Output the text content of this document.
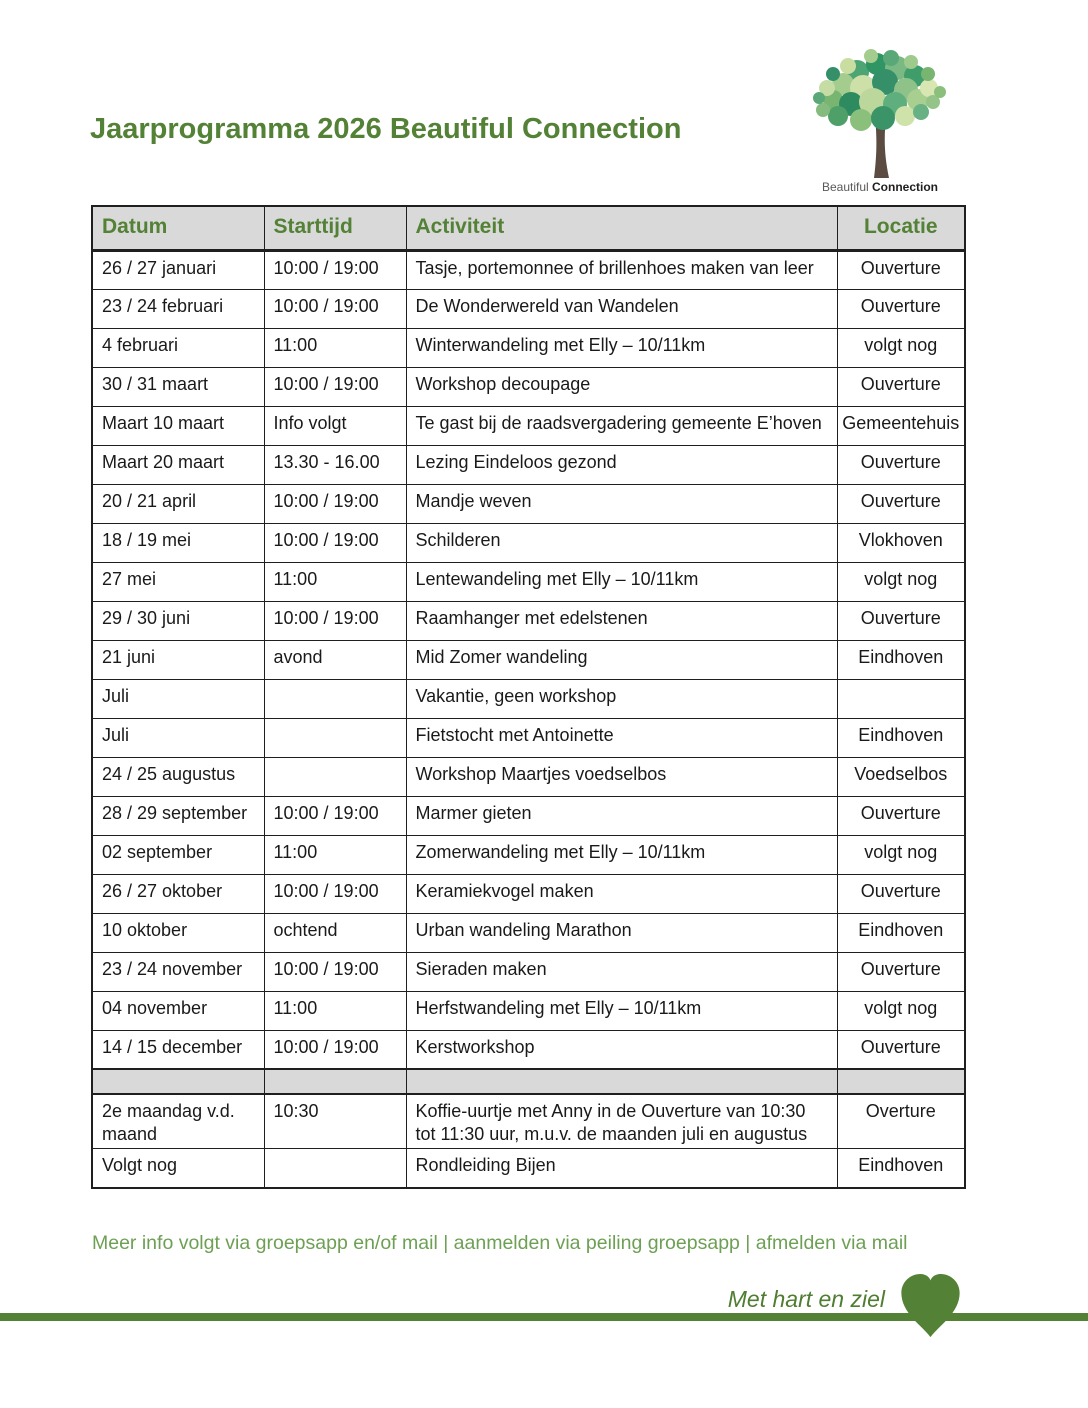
Jaarprogramma 2026 Beautiful Connection
Beautiful Connection
Datum	Starttijd	Activiteit	Locatie
26 / 27 januari	10:00 / 19:00	Tasje, portemonnee of brillenhoes maken van leer	Ouverture
23 / 24 februari	10:00 / 19:00	De Wonderwereld van Wandelen	Ouverture
4 februari	11:00	Winterwandeling met Elly – 10/11km	volgt nog
30 / 31 maart	10:00 / 19:00	Workshop decoupage	Ouverture
Maart 10 maart	Info volgt	Te gast bij de raadsvergadering gemeente E’hoven	Gemeentehuis
Maart 20 maart	13.30 - 16.00	Lezing Eindeloos gezond	Ouverture
20 / 21 april	10:00 / 19:00	Mandje weven	Ouverture
18 / 19 mei	10:00 / 19:00	Schilderen	Vlokhoven
27 mei	11:00	Lentewandeling met Elly – 10/11km	volgt nog
29 / 30 juni	10:00 / 19:00	Raamhanger met edelstenen	Ouverture
21 juni	avond	Mid Zomer wandeling	Eindhoven
Juli		Vakantie, geen workshop	
Juli		Fietstocht met Antoinette	Eindhoven
24 / 25 augustus		Workshop Maartjes voedselbos	Voedselbos
28 / 29 september	10:00 / 19:00	Marmer gieten	Ouverture
02 september	11:00	Zomerwandeling met Elly – 10/11km	volgt nog
26 / 27 oktober	10:00 / 19:00	Keramiekvogel maken	Ouverture
10 oktober	ochtend	Urban wandeling Marathon	Eindhoven
23 / 24 november	10:00 / 19:00	Sieraden maken	Ouverture
04 november	11:00	Herfstwandeling met Elly – 10/11km	volgt nog
14 / 15 december	10:00 / 19:00	Kerstworkshop	Ouverture

2e maandag v.d. maand	10:30	Koffie-uurtje met Anny in de Ouverture van 10:30 tot 11:30 uur, m.u.v. de maanden juli en augustus	Overture
Volgt nog		Rondleiding Bijen	Eindhoven

Meer info volgt via groepsapp en/of mail | aanmelden via peiling groepsapp | afmelden via mail

Met hart en ziel
